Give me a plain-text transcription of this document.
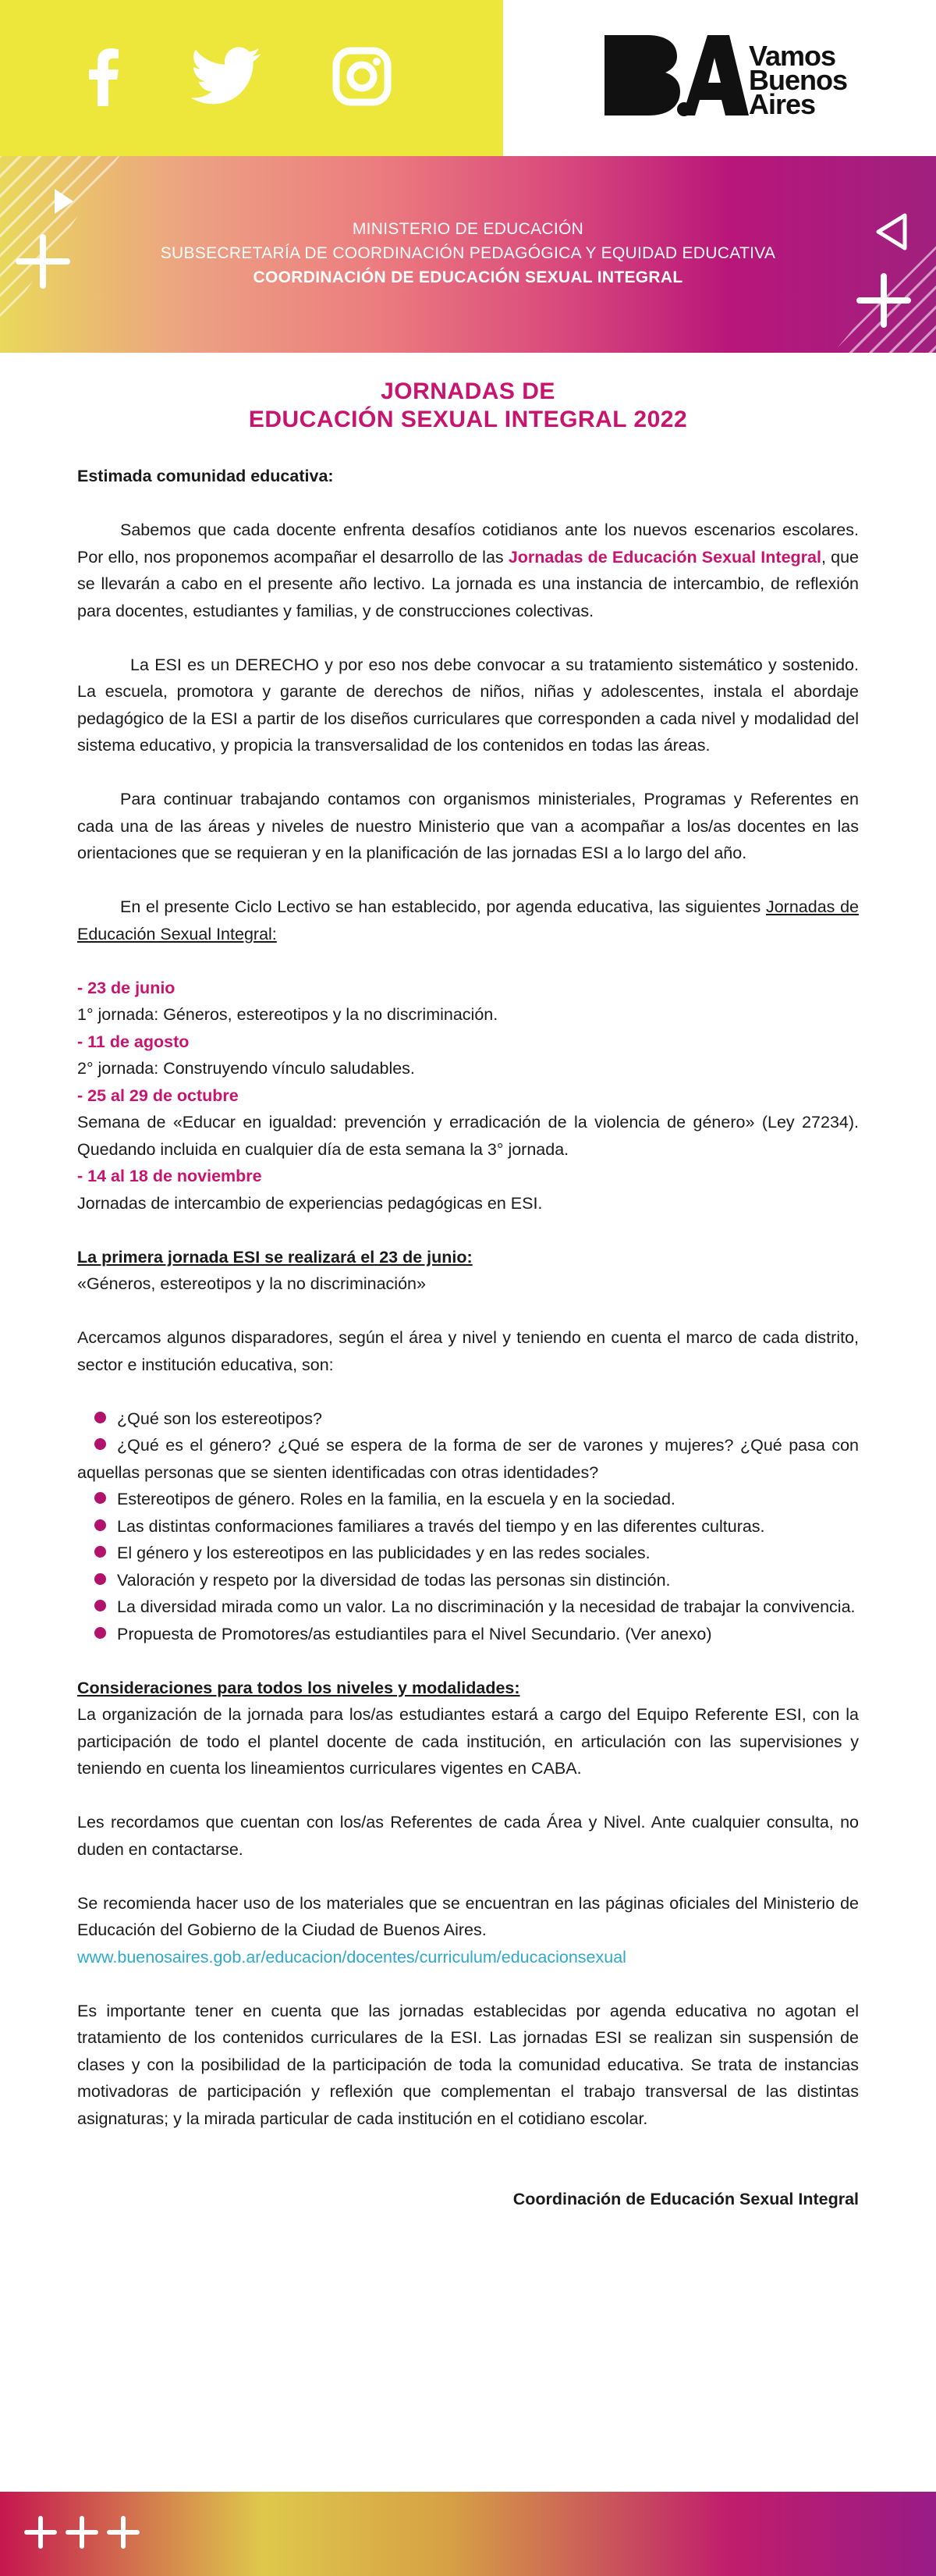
Vamos
Buenos
Aires
MINISTERIO DE EDUCACIÓN
SUBSECRETARÍA DE COORDINACIÓN PEDAGÓGICA Y EQUIDAD EDUCATIVA
COORDINACIÓN DE EDUCACIÓN SEXUAL INTEGRAL
JORNADAS DE
EDUCACIÓN SEXUAL INTEGRAL 2022

Estimada comunidad educativa:

Sabemos que cada docente enfrenta desafíos cotidianos ante los nuevos escenarios escolares. Por ello, nos proponemos acompañar el desarrollo de las Jornadas de Educación Sexual Integral, que se llevarán a cabo en el presente año lectivo. La jornada es una instancia de intercambio, de reflexión para docentes, estudiantes y familias, y de construcciones colectivas.

La ESI es un DERECHO y por eso nos debe convocar a su tratamiento sistemático y sostenido. La escuela, promotora y garante de derechos de niños, niñas y adolescentes, instala el abordaje pedagógico de la ESI a partir de los diseños curriculares que corresponden a cada nivel y modalidad del sistema educativo, y propicia la transversalidad de los contenidos en todas las áreas.

Para continuar trabajando contamos con organismos ministeriales, Programas y Referentes en cada una de las áreas y niveles de nuestro Ministerio que van a acompañar a los/as docentes en las orientaciones que se requieran y en la planificación de las jornadas ESI a lo largo del año.

En el presente Ciclo Lectivo se han establecido, por agenda educativa, las siguientes Jornadas de Educación Sexual Integral:

- 23 de junio
1° jornada: Géneros, estereotipos y la no discriminación.
- 11 de agosto
2° jornada: Construyendo vínculo saludables.
- 25 al 29 de octubre
Semana de «Educar en igualdad: prevención y erradicación de la violencia de género» (Ley 27234). Quedando incluida en cualquier día de esta semana la 3° jornada.
- 14 al 18 de noviembre
Jornadas de intercambio de experiencias pedagógicas en ESI.
La primera jornada ESI se realizará el 23 de junio:
«Géneros, estereotipos y la no discriminación»

Acercamos algunos disparadores, según el área y nivel y teniendo en cuenta el marco de cada distrito, sector e institución educativa, son:

¿Qué son los estereotipos?
¿Qué es el género? ¿Qué se espera de la forma de ser de varones y mujeres? ¿Qué pasa con aquellas personas que se sienten identificadas con otras identidades?
Estereotipos de género. Roles en la familia, en la escuela y en la sociedad.
Las distintas conformaciones familiares a través del tiempo y en las diferentes culturas.
El género y los estereotipos en las publicidades y en las redes sociales.
Valoración y respeto por la diversidad de todas las personas sin distinción.
La diversidad mirada como un valor. La no discriminación y la necesidad de trabajar la convivencia.
Propuesta de Promotores/as estudiantiles para el Nivel Secundario. (Ver anexo)
Consideraciones para todos los niveles y modalidades:

La organización de la jornada para los/as estudiantes estará a cargo del Equipo Referente ESI, con la participación de todo el plantel docente de cada institución, en articulación con las supervisiones y teniendo en cuenta los lineamientos curriculares vigentes en CABA.

Les recordamos que cuentan con los/as Referentes de cada Área y Nivel. Ante cualquier consulta, no duden en contactarse.

Se recomienda hacer uso de los materiales que se encuentran en las páginas oficiales del Ministerio de Educación del Gobierno de la Ciudad de Buenos Aires.

www.buenosaires.gob.ar/educacion/docentes/curriculum/educacionsexual

Es importante tener en cuenta que las jornadas establecidas por agenda educativa no agotan el tratamiento de los contenidos curriculares de la ESI. Las jornadas ESI se realizan sin suspensión de clases y con la posibilidad de la participación de toda la comunidad educativa. Se trata de instancias motivadoras de participación y reflexión que complementan el trabajo transversal de las distintas asignaturas; y la mirada particular de cada institución en el cotidiano escolar.

Coordinación de Educación Sexual Integral
